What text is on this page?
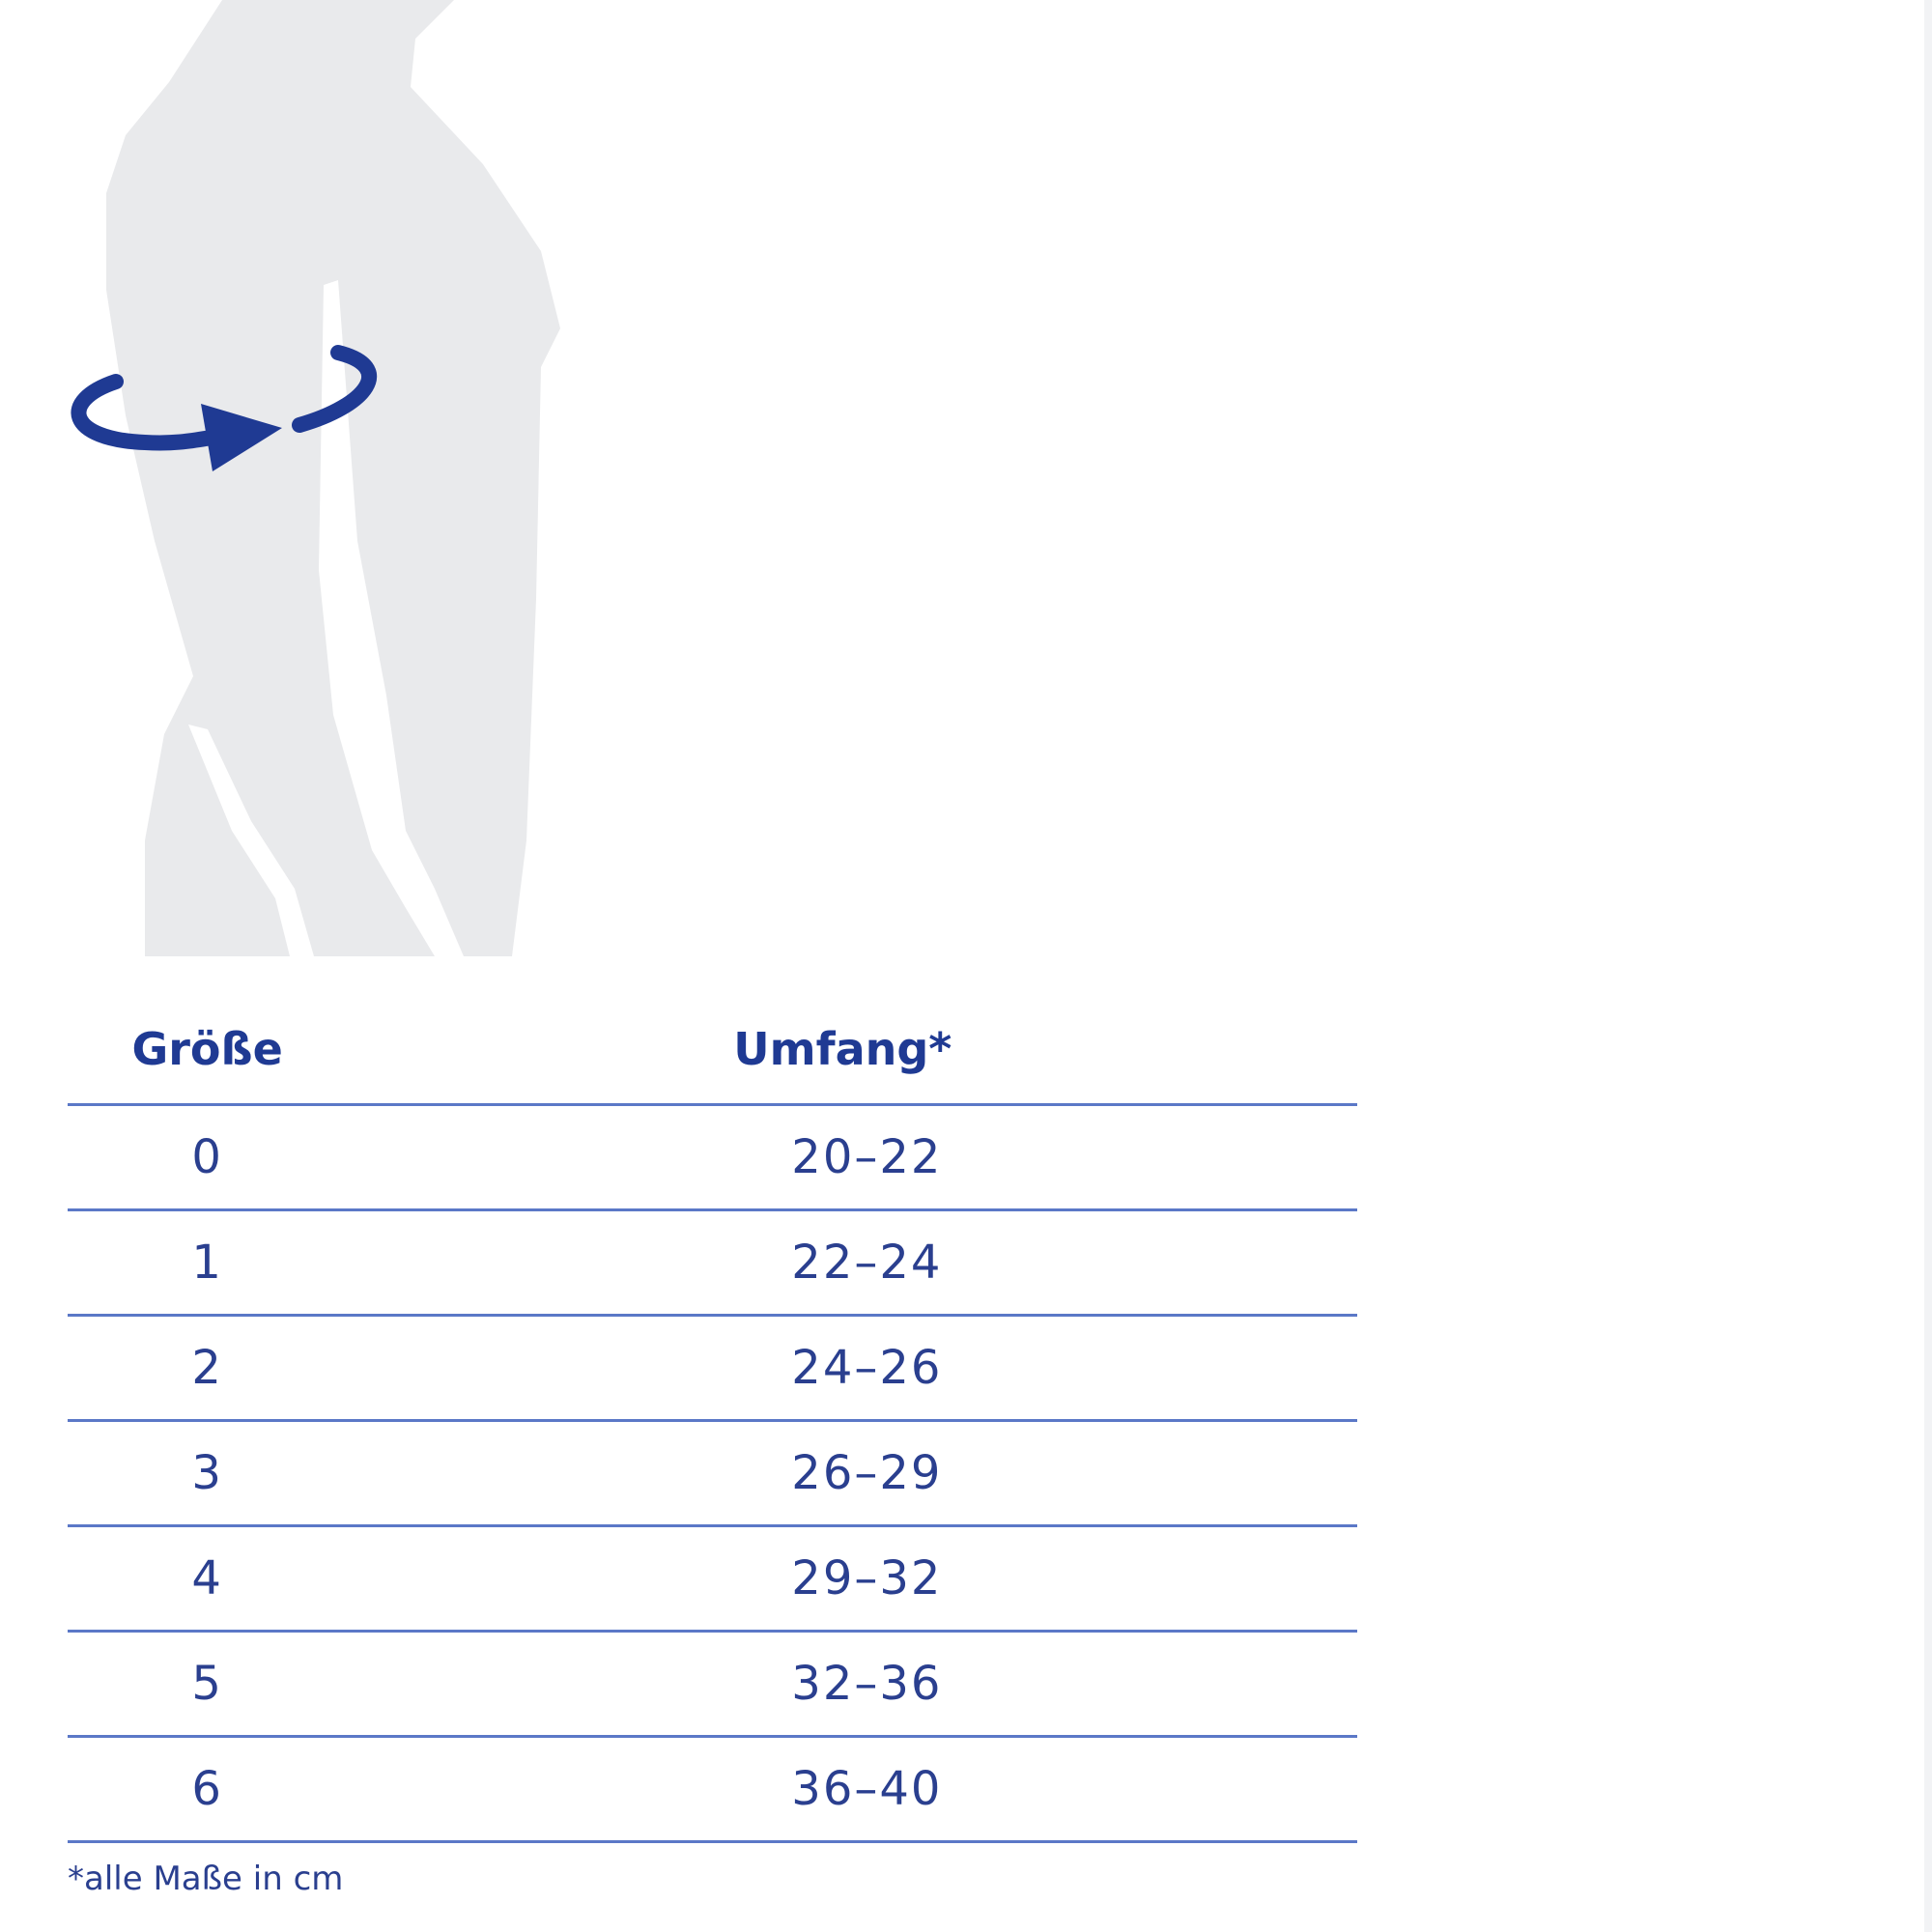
Größe	Umfang*
0	20–22
1	22–24
2	24–26
3	26–29
4	29–32
5	32–36
6	36–40
*alle Maße in cm
